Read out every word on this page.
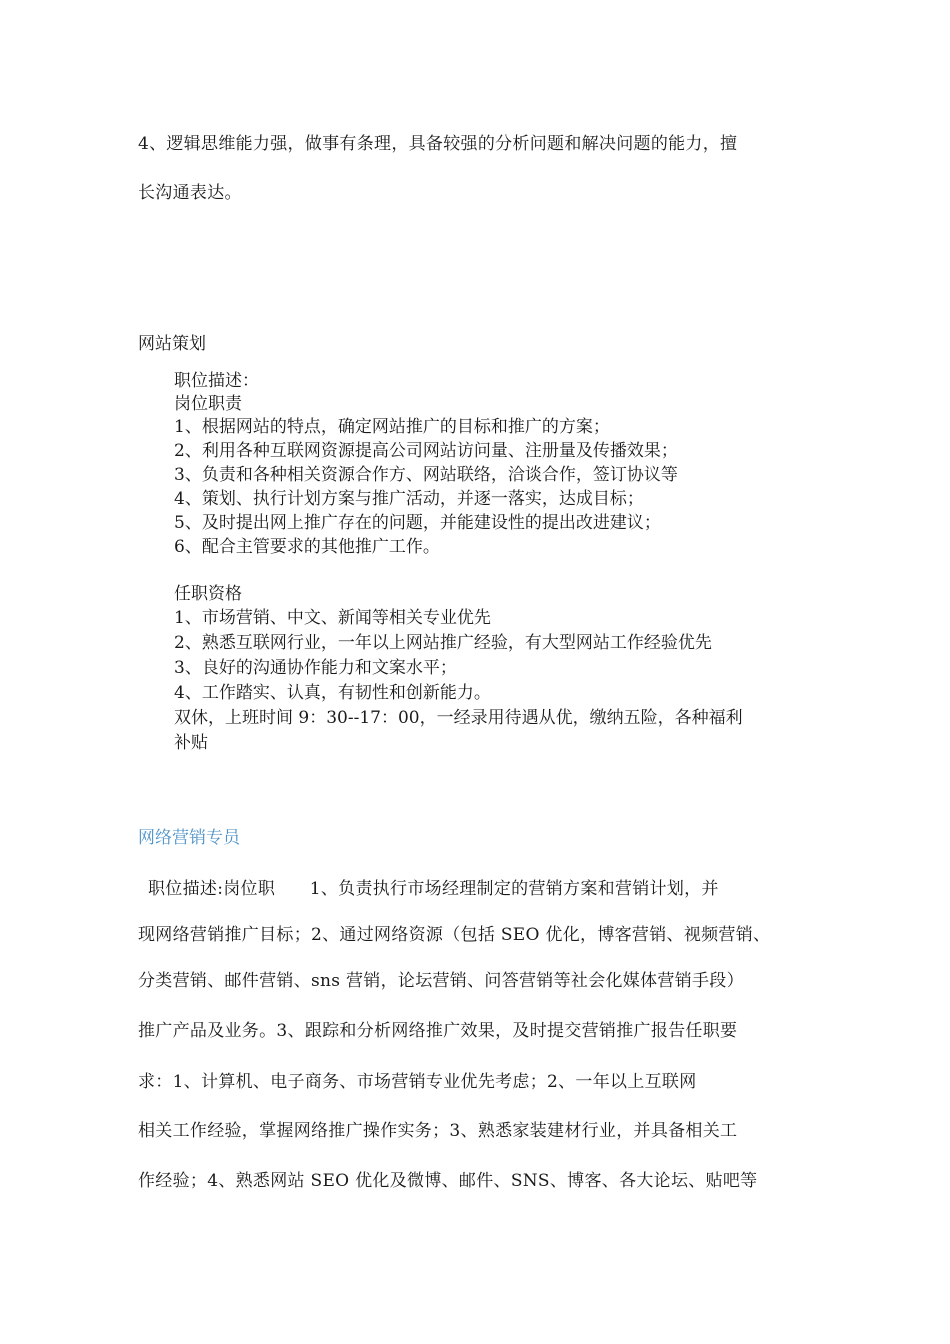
4、逻辑思维能力强，做事有条理，具备较强的分析问题和解决问题的能力，擅
长沟通表达。
网站策划
职位描述：
岗位职责
1、根据网站的特点，确定网站推广的目标和推广的方案；
2、利用各种互联网资源提高公司网站访问量、注册量及传播效果；
3、负责和各种相关资源合作方、网站联络，洽谈合作，签订协议等
4、策划、执行计划方案与推广活动，并逐一落实，达成目标；
5、及时提出网上推广存在的问题，并能建设性的提出改进建议；
6、配合主管要求的其他推广工作。
任职资格
1、市场营销、中文、新闻等相关专业优先
2、熟悉互联网行业，一年以上网站推广经验，有大型网站工作经验优先
3、良好的沟通协作能力和文案水平；
4、工作踏实、认真，有韧性和创新能力。
双休，上班时间 9：30--17：00，一经录用待遇从优，缴纳五险，各种福利
补贴
网络营销专员
职位描述:岗位职　　1、负责执行市场经理制定的营销方案和营销计划，并
现网络营销推广目标；2、通过网络资源（包括 SEO 优化，博客营销、视频营销、
分类营销、邮件营销、sns 营销，论坛营销、问答营销等社会化媒体营销手段）
推广产品及业务。3、跟踪和分析网络推广效果，及时提交营销推广报告任职要
求：1、计算机、电子商务、市场营销专业优先考虑；2、一年以上互联网
相关工作经验，掌握网络推广操作实务；3、熟悉家装建材行业，并具备相关工
作经验；4、熟悉网站 SEO 优化及微博、邮件、SNS、博客、各大论坛、贴吧等
